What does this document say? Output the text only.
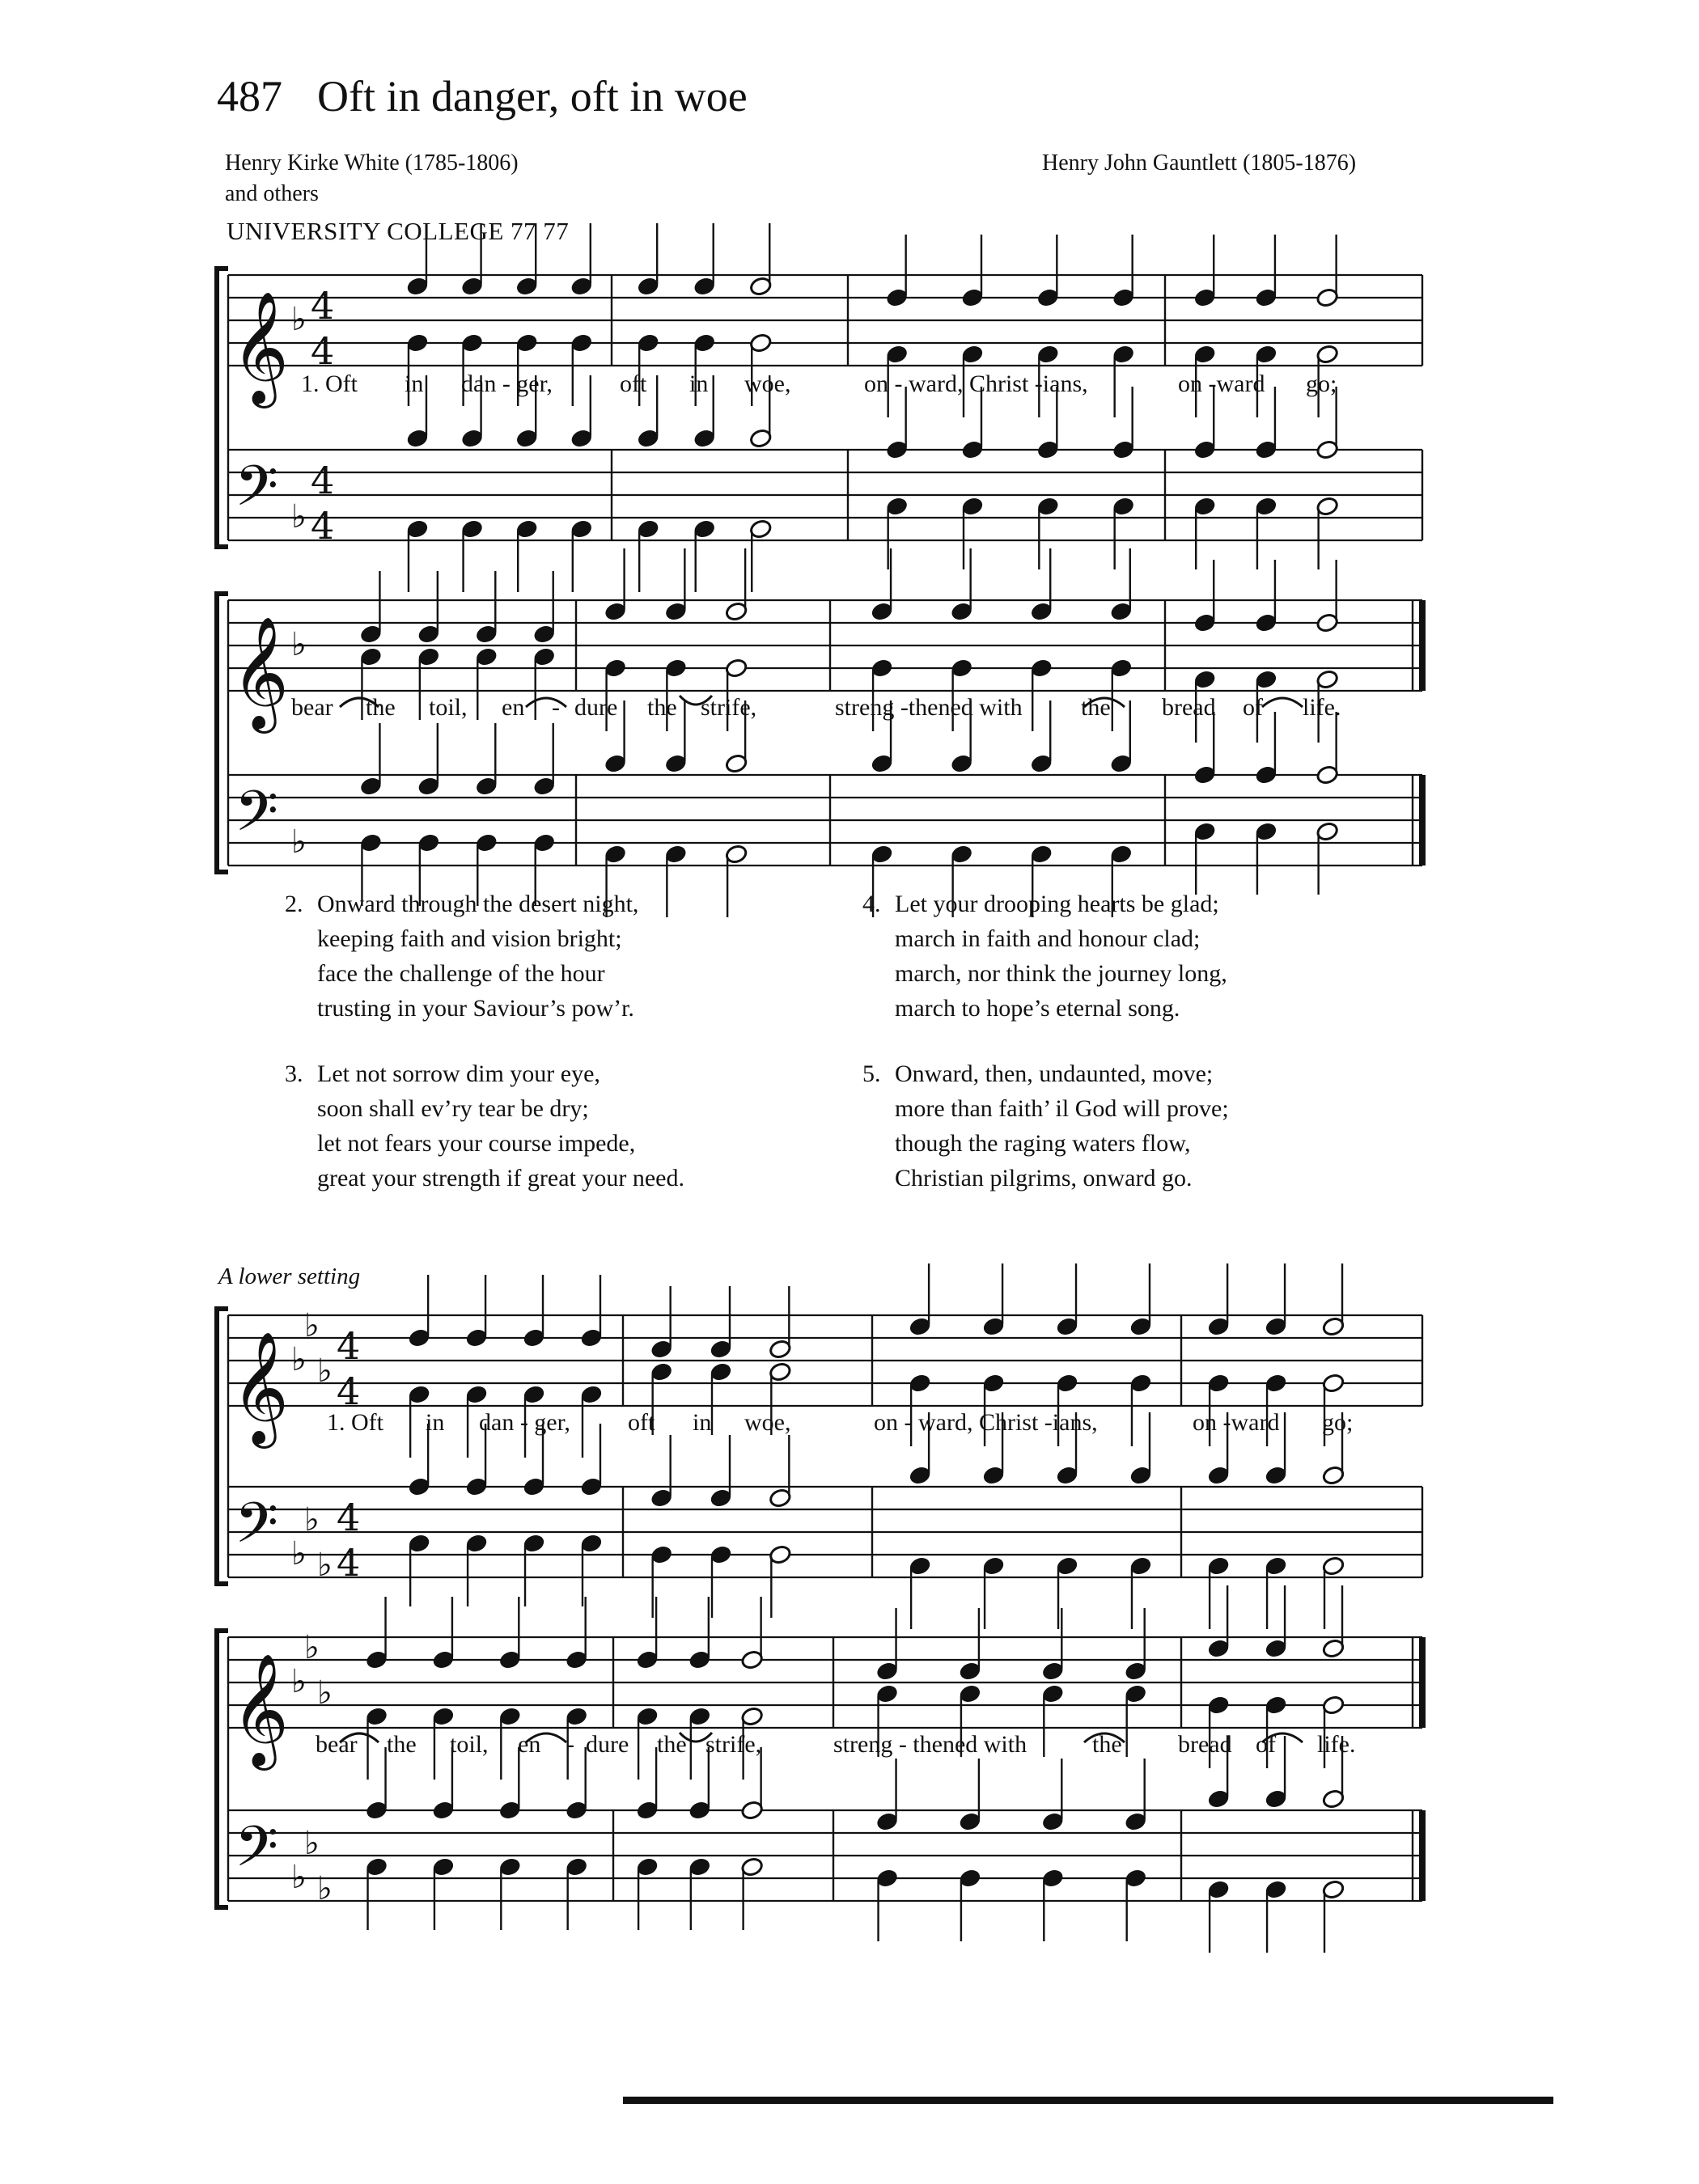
487 Oft in danger, oft in woe
Henry Kirke White (1785-1806)
and others
Henry John Gauntlett (1805-1876)
UNIVERSITY COLLEGE 77 77
𝄞
𝄢
♭
♭
4
4
4
4
𝄞
𝄢
♭
♭
𝄞
𝄢
♭
♭
♭
♭
♭
♭
4
4
4
4
𝄞
𝄢
♭
♭
♭
♭
♭
♭
1. Oft in dan - ger,	oft in woe,	on - ward, Christ -ians,	on -ward go;
bear the toil, en - dure the strife,	streng -thened with the bread of life.
2. Onward through the desert night,
keeping faith and vision bright;
face the challenge of the hour
trusting in your Saviour’s pow’r.
3. Let not sorrow dim your eye,
soon shall ev’ry tear be dry;
let not fears your course impede,
great your strength if great your need.
4. Let your drooping hearts be glad;
march in faith and honour clad;
march, nor think the journey long,
march to hope’s eternal song.
5. Onward, then, undaunted, move;
more than faith’ il God will prove;
though the raging waters flow,
Christian pilgrims, onward go.
A lower setting
1. Oft in dan - ger, oft in woe,	on - ward, Christ -ians,	on -ward go;
bear the toil, en - dure the strife,	streng - thened with	the bread of life.
